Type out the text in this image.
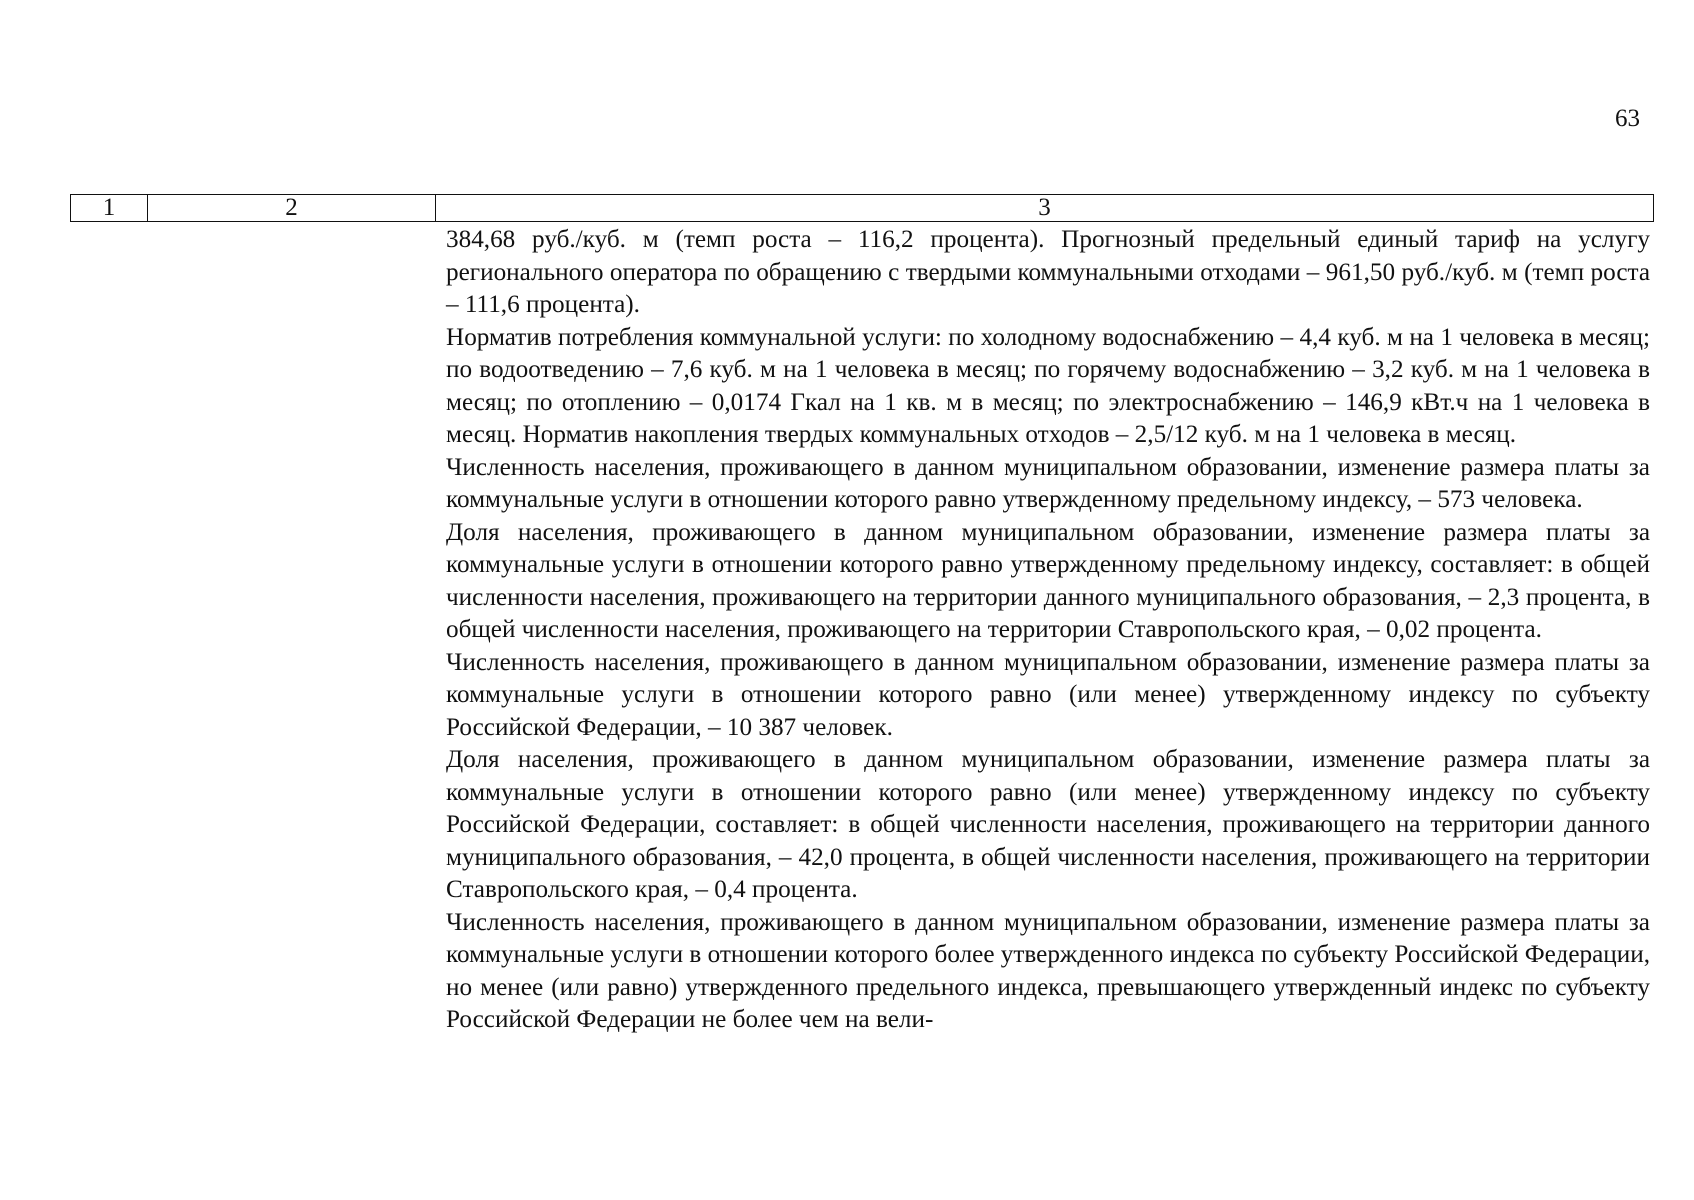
63
1	2	3

384,68 руб./куб. м (темп роста – 116,2 процента). Прогнозный предельный единый тариф на услугу регионального оператора по обращению с твердыми коммунальными отходами – 961,50 руб./куб. м (темп роста – 111,6 процента).

Норматив потребления коммунальной услуги: по холодному водоснабжению – 4,4 куб. м на 1 человека в месяц; по водоотведению – 7,6 куб. м на 1 человека в месяц; по горячему водоснабжению – 3,2 куб. м на 1 человека в месяц; по отоплению – 0,0174 Гкал на 1 кв. м в месяц; по электроснабжению – 146,9 кВт.ч на 1 человека в месяц. Норматив накопления твердых коммунальных отходов – 2,5/12 куб. м на 1 человека в месяц.

Численность населения, проживающего в данном муниципальном образовании, изменение размера платы за коммунальные услуги в отношении которого равно утвержденному предельному индексу, – 573 человека.

Доля населения, проживающего в данном муниципальном образовании, изменение размера платы за коммунальные услуги в отношении которого равно утвержденному предельному индексу, составляет: в общей численности населения, проживающего на территории данного муниципального образования, – 2,3 процента, в общей численности населения, проживающего на территории Ставропольского края, – 0,02 процента.

Численность населения, проживающего в данном муниципальном образовании, изменение размера платы за коммунальные услуги в отношении которого равно (или менее) утвержденному индексу по субъекту Российской Федерации, – 10 387 человек.

Доля населения, проживающего в данном муниципальном образовании, изменение размера платы за коммунальные услуги в отношении которого равно (или менее) утвержденному индексу по субъекту Российской Федерации, составляет: в общей численности населения, проживающего на территории данного муниципального образования, – 42,0 процента, в общей численности населения, проживающего на территории Ставропольского края, – 0,4 процента.

Численность населения, проживающего в данном муниципальном образовании, изменение размера платы за коммунальные услуги в отношении которого более утвержденного индекса по субъекту Российской Федерации, но менее (или равно) утвержденного предельного индекса, превышающего утвержденный индекс по субъекту Российской Федерации не более чем на вели-
